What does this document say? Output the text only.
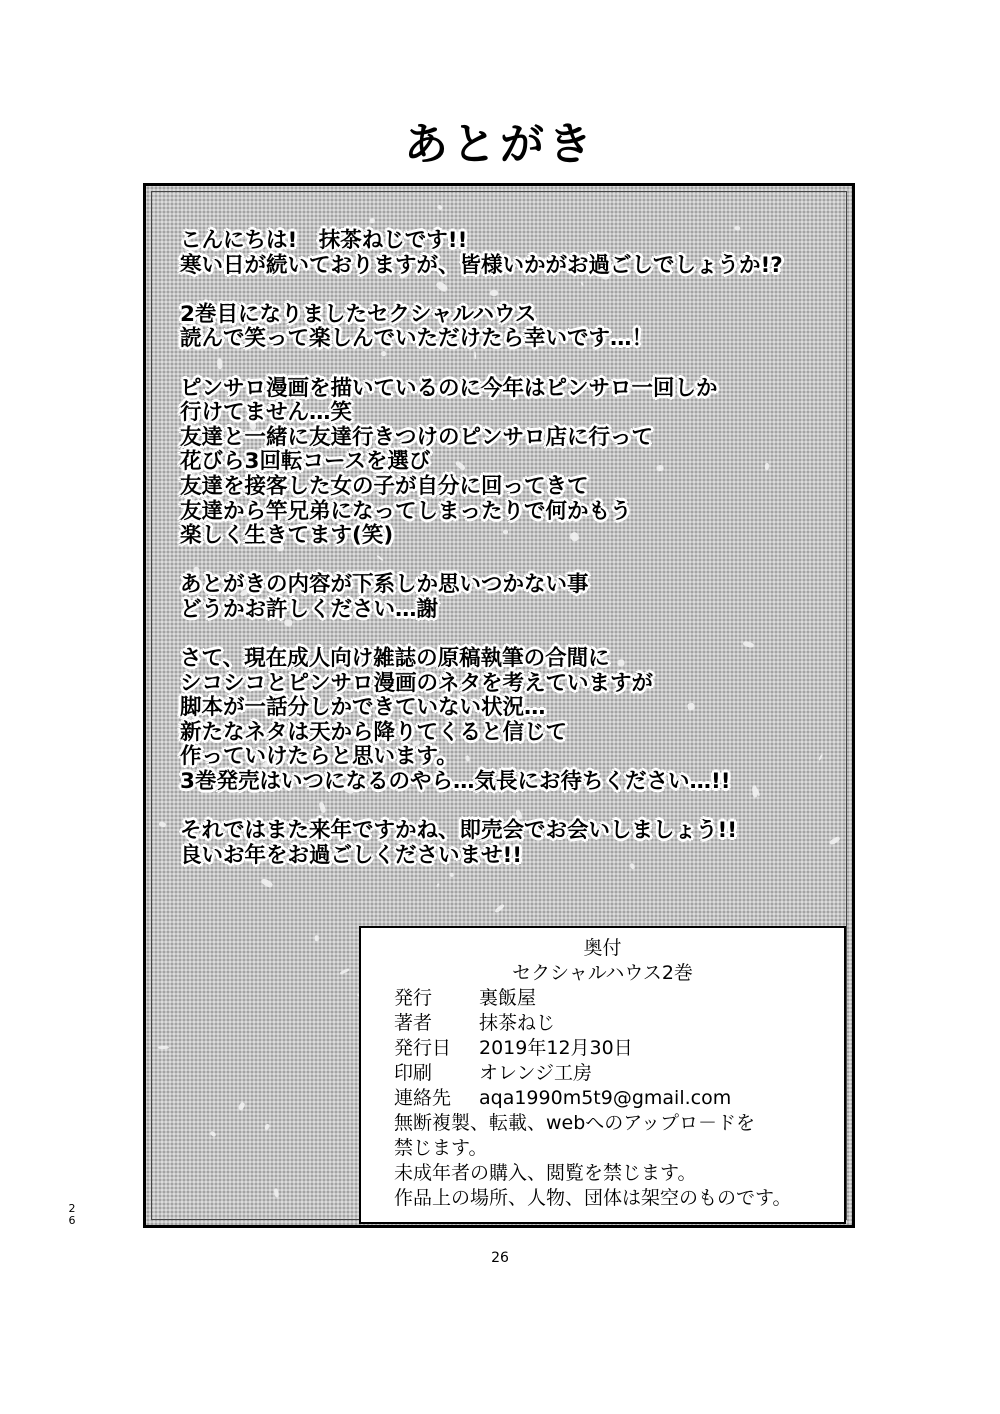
あとがき
こんにちは!　抹茶ねじです!!
寒い日が続いておりますが、皆様いかがお過ごしでしょうか!?
2巻目になりましたセクシャルハウス
読んで笑って楽しんでいただけたら幸いです…！
ピンサロ漫画を描いているのに今年はピンサロ一回しか
行けてません…笑
友達と一緒に友達行きつけのピンサロ店に行って
花びら3回転コースを選び
友達を接客した女の子が自分に回ってきて
友達から竿兄弟になってしまったりで何かもう
楽しく生きてます(笑)
あとがきの内容が下系しか思いつかない事
どうかお許しください…謝
さて、現在成人向け雑誌の原稿執筆の合間に
シコシコとピンサロ漫画のネタを考えていますが
脚本が一話分しかできていない状況…
新たなネタは天から降りてくると信じて
作っていけたらと思います。
3巻発売はいつになるのやら…気長にお待ちください…!!
それではまた来年ですかね、即売会でお会いしましょう!!
良いお年をお過ごしくださいませ!!
奥付
セクシャルハウス2巻
発行 裏飯屋
著者 抹茶ねじ
発行日 2019年12月30日
印刷 オレンジ工房
連絡先 aqa1990m5t9@gmail.com
無断複製、転載、webへのアップロ－ドを
禁じます。
未成年者の購入、閲覧を禁じます。
作品上の場所、人物、団体は架空のものです。
2
6
26
